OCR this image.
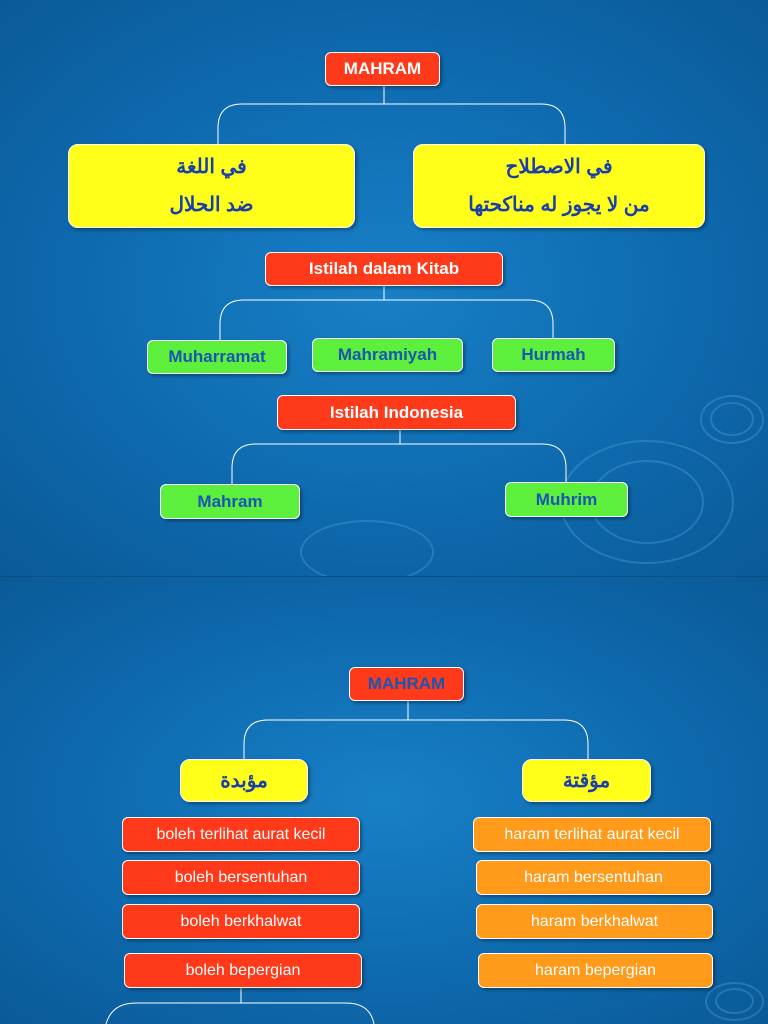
MAHRAM
في اللغة
ضد الحلال
في الاصطلاح
من لا يجوز له مناكحتها
Istilah dalam Kitab
Muharramat	Mahramiyah	Hurmah
Istilah Indonesia
Mahram	Muhrim
MAHRAM
مؤبدة	مؤقتة
boleh terlihat aurat kecil
boleh bersentuhan
boleh berkhalwat
boleh bepergian
haram terlihat aurat kecil
haram bersentuhan
haram berkhalwat
haram bepergian
